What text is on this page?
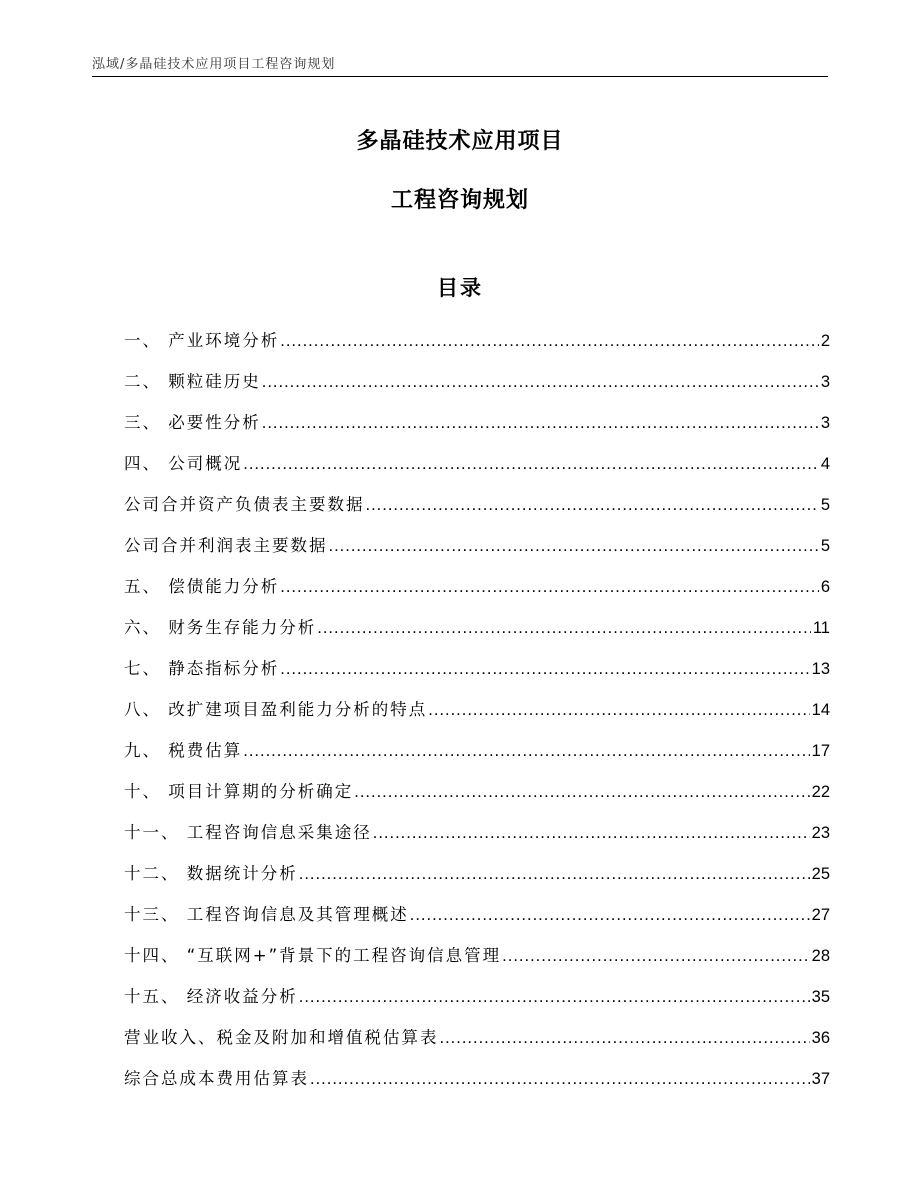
泓域/多晶硅技术应用项目工程咨询规划
多晶硅技术应用项目
工程咨询规划
目录
一、 产业环境分析 .....	2
二、 颗粒硅历史 .....	3
三、 必要性分析 .....	3
四、 公司概况 .....	4
公司合并资产负债表主要数据 .....	5
公司合并利润表主要数据 .....	5
五、 偿债能力分析 .....	6
六、 财务生存能力分析 .....	11
七、 静态指标分析 .....	13
八、 改扩建项目盈利能力分析的特点 .....	14
九、 税费估算 .....	17
十、 项目计算期的分析确定 .....	22
十一、 工程咨询信息采集途径 .....	23
十二、 数据统计分析 .....	25
十三、 工程咨询信息及其管理概述 .....	27
十四、 “互联网+”背景下的工程咨询信息管理 .....	28
十五、 经济收益分析 .....	35
营业收入、税金及附加和增值税估算表 .....	36
综合总成本费用估算表 .....	37
